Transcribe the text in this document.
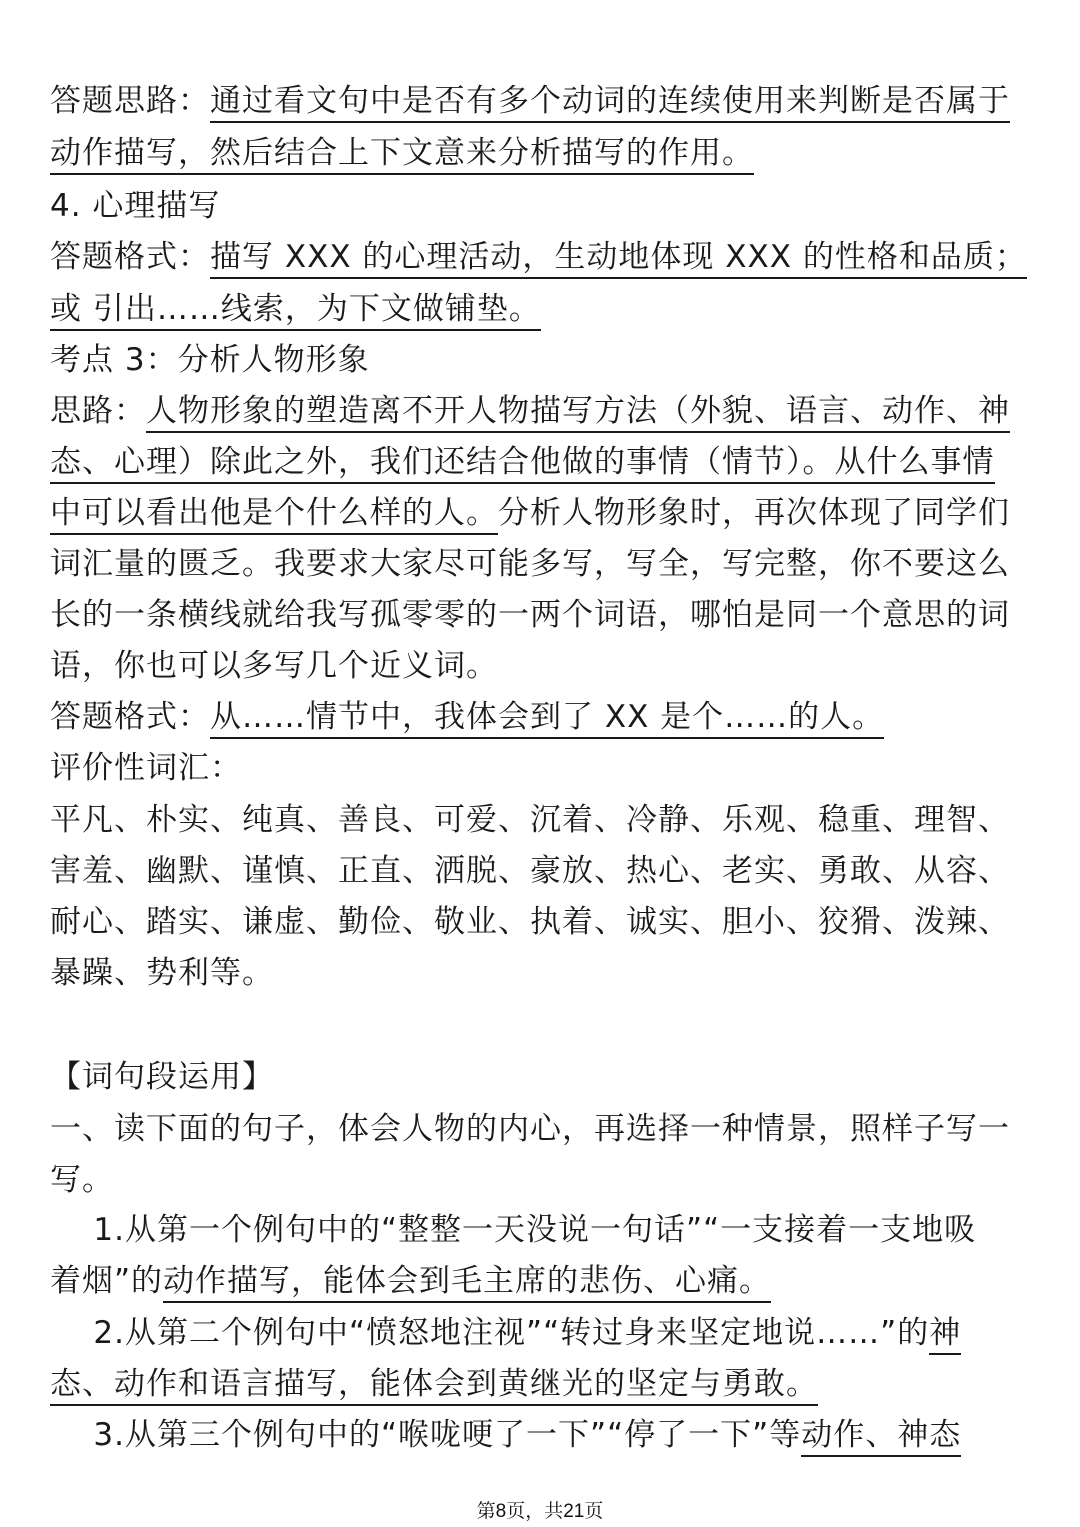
答题思路：通过看文句中是否有多个动词的连续使用来判断是否属于
动作描写，然后结合上下文意来分析描写的作用。
4. 心理描写
答题格式：描写 XXX 的心理活动，生动地体现 XXX 的性格和品质；
或 引出……线索，为下文做铺垫。
考点 3：分析人物形象
思路：人物形象的塑造离不开人物描写方法（外貌、语言、动作、神
态、心理）除此之外，我们还结合他做的事情（情节）。从什么事情
中可以看出他是个什么样的人。分析人物形象时，再次体现了同学们
词汇量的匮乏。我要求大家尽可能多写，写全，写完整，你不要这么
长的一条横线就给我写孤零零的一两个词语，哪怕是同一个意思的词
语，你也可以多写几个近义词。
答题格式：从……情节中，我体会到了 XX 是个……的人。
评价性词汇：
平凡、朴实、纯真、善良、可爱、沉着、冷静、乐观、稳重、理智、
害羞、幽默、谨慎、正直、洒脱、豪放、热心、老实、勇敢、从容、
耐心、踏实、谦虚、勤俭、敬业、执着、诚实、胆小、狡猾、泼辣、
暴躁、势利等。
【词句段运用】
一、读下面的句子，体会人物的内心，再选择一种情景，照样子写一
写。
1.从第一个例句中的“整整一天没说一句话”“一支接着一支地吸
着烟”的动作描写，能体会到毛主席的悲伤、心痛。
2.从第二个例句中“愤怒地注视”“转过身来坚定地说……”的神
态、动作和语言描写，能体会到黄继光的坚定与勇敢。
3.从第三个例句中的“喉咙哽了一下”“停了一下”等动作、神态
第8页，共21页
